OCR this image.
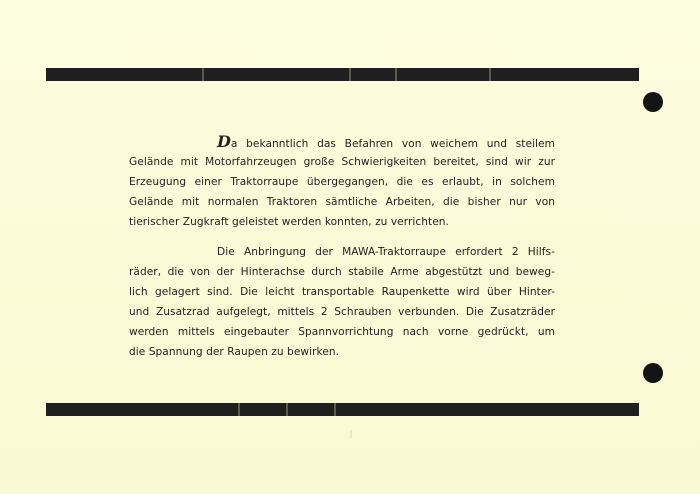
Da bekanntlich das Befahren von weichem und steilem
Gelände mit Motorfahrzeugen große Schwierigkeiten bereitet, sind wir zur
Erzeugung einer Traktorraupe übergegangen, die es erlaubt, in solchem
Gelände mit normalen Traktoren sämtliche Arbeiten, die bisher nur von
tierischer Zugkraft geleistet werden konnten, zu verrichten.
Die Anbringung der MAWA-Traktorraupe erfordert 2 Hilfs-
räder, die von der Hinterachse durch stabile Arme abgestützt und beweg-
lich gelagert sind. Die leicht transportable Raupenkette wird über Hinter-
und Zusatzrad aufgelegt, mittels 2 Schrauben verbunden. Die Zusatzräder
werden mittels eingebauter Spannvorrichtung nach vorne gedrückt, um
die Spannung der Raupen zu bewirken.
